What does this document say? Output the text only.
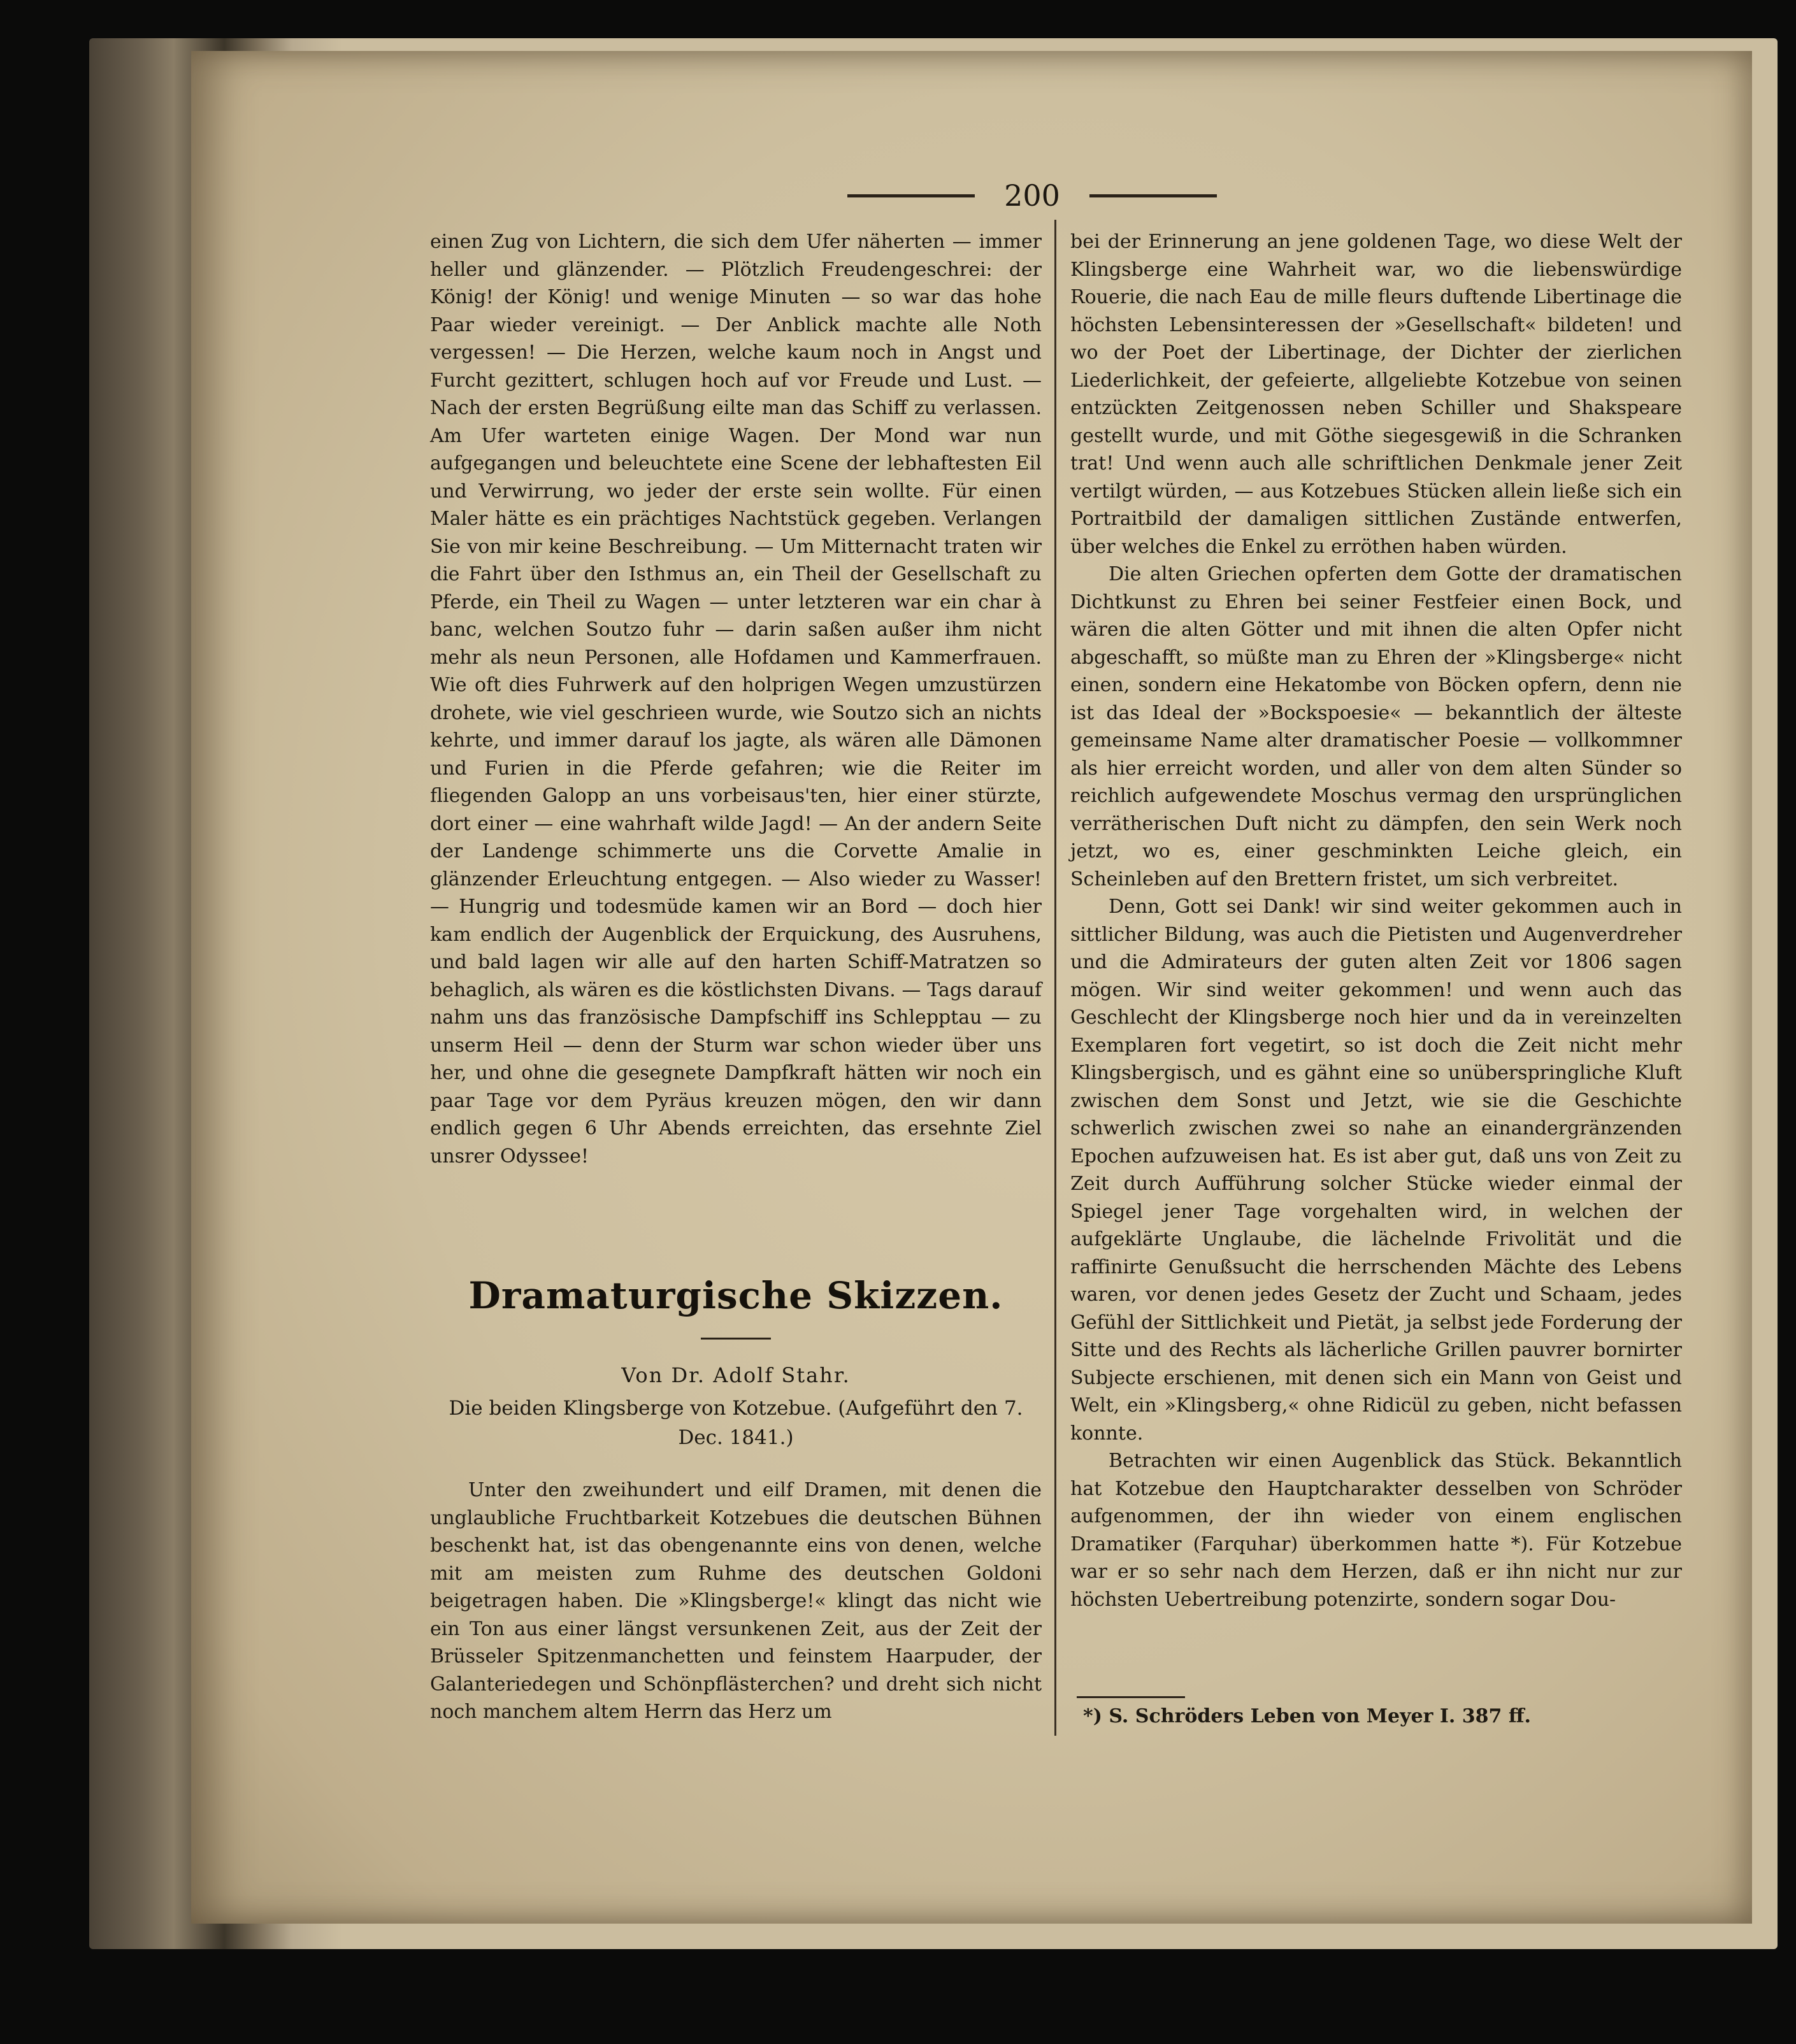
200

einen Zug von Lichtern, die sich dem Ufer näherten — immer heller und glänzender. — Plötzlich Freudengeschrei: der König! der König! und wenige Minuten — so war das hohe Paar wieder vereinigt. — Der Anblick machte alle Noth vergessen! — Die Herzen, welche kaum noch in Angst und Furcht gezittert, schlugen hoch auf vor Freude und Lust. — Nach der ersten Begrüßung eilte man das Schiff zu verlassen. Am Ufer warteten einige Wagen. Der Mond war nun aufgegangen und beleuchtete eine Scene der lebhaftesten Eil und Verwirrung, wo jeder der erste sein wollte. Für einen Maler hätte es ein prächtiges Nachtstück gegeben. Verlangen Sie von mir keine Beschreibung. — Um Mitternacht traten wir die Fahrt über den Isthmus an, ein Theil der Gesellschaft zu Pferde, ein Theil zu Wagen — unter letzteren war ein char à banc, welchen Soutzo fuhr — darin saßen außer ihm nicht mehr als neun Personen, alle Hofdamen und Kammerfrauen. Wie oft dies Fuhrwerk auf den holprigen Wegen umzustürzen drohete, wie viel geschrieen wurde, wie Soutzo sich an nichts kehrte, und immer darauf los jagte, als wären alle Dämonen und Furien in die Pferde gefahren; wie die Reiter im fliegenden Galopp an uns vorbeisaus'ten, hier einer stürzte, dort einer — eine wahrhaft wilde Jagd! — An der andern Seite der Landenge schimmerte uns die Corvette Amalie in glänzender Erleuchtung entgegen. — Also wieder zu Wasser! — Hungrig und todesmüde kamen wir an Bord — doch hier kam endlich der Augenblick der Erquickung, des Ausruhens, und bald lagen wir alle auf den harten Schiff-Matratzen so behaglich, als wären es die köstlichsten Divans. — Tags darauf nahm uns das französische Dampfschiff ins Schlepptau — zu unserm Heil — denn der Sturm war schon wieder über uns her, und ohne die gesegnete Dampfkraft hätten wir noch ein paar Tage vor dem Pyräus kreuzen mögen, den wir dann endlich gegen 6 Uhr Abends erreichten, das ersehnte Ziel unsrer Odyssee!

Dramaturgische Skizzen.
Von Dr. Adolf Stahr.
Die beiden Klingsberge von Kotzebue. (Aufgeführt den 7. Dec. 1841.)

Unter den zweihundert und eilf Dramen, mit denen die unglaubliche Fruchtbarkeit Kotzebues die deutschen Bühnen beschenkt hat, ist das obengenannte eins von denen, welche mit am meisten zum Ruhme des deutschen Goldoni beigetragen haben. Die »Klingsberge!« klingt das nicht wie ein Ton aus einer längst versunkenen Zeit, aus der Zeit der Brüsseler Spitzenmanchetten und feinstem Haarpuder, der Galanteriedegen und Schönpflästerchen? und dreht sich nicht noch manchem altem Herrn das Herz um

bei der Erinnerung an jene goldenen Tage, wo diese Welt der Klingsberge eine Wahrheit war, wo die liebenswürdige Rouerie, die nach Eau de mille fleurs duftende Libertinage die höchsten Lebensinteressen der »Gesellschaft« bildeten! und wo der Poet der Libertinage, der Dichter der zierlichen Liederlichkeit, der gefeierte, allgeliebte Kotzebue von seinen entzückten Zeitgenossen neben Schiller und Shakspeare gestellt wurde, und mit Göthe siegesgewiß in die Schranken trat! Und wenn auch alle schriftlichen Denkmale jener Zeit vertilgt würden, — aus Kotzebues Stücken allein ließe sich ein Portraitbild der damaligen sittlichen Zustände entwerfen, über welches die Enkel zu erröthen haben würden.

Die alten Griechen opferten dem Gotte der dramatischen Dichtkunst zu Ehren bei seiner Festfeier einen Bock, und wären die alten Götter und mit ihnen die alten Opfer nicht abgeschafft, so müßte man zu Ehren der »Klingsberge« nicht einen, sondern eine Hekatombe von Böcken opfern, denn nie ist das Ideal der »Bockspoesie« — bekanntlich der älteste gemeinsame Name alter dramatischer Poesie — vollkommner als hier erreicht worden, und aller von dem alten Sünder so reichlich aufgewendete Moschus vermag den ursprünglichen verrätherischen Duft nicht zu dämpfen, den sein Werk noch jetzt, wo es, einer geschminkten Leiche gleich, ein Scheinleben auf den Brettern fristet, um sich verbreitet.

Denn, Gott sei Dank! wir sind weiter gekommen auch in sittlicher Bildung, was auch die Pietisten und Augenverdreher und die Admirateurs der guten alten Zeit vor 1806 sagen mögen. Wir sind weiter gekommen! und wenn auch das Geschlecht der Klingsberge noch hier und da in vereinzelten Exemplaren fort vegetirt, so ist doch die Zeit nicht mehr Klingsbergisch, und es gähnt eine so unüberspringliche Kluft zwischen dem Sonst und Jetzt, wie sie die Geschichte schwerlich zwischen zwei so nahe an einandergränzenden Epochen aufzuweisen hat. Es ist aber gut, daß uns von Zeit zu Zeit durch Aufführung solcher Stücke wieder einmal der Spiegel jener Tage vorgehalten wird, in welchen der aufgeklärte Unglaube, die lächelnde Frivolität und die raffinirte Genußsucht die herrschenden Mächte des Lebens waren, vor denen jedes Gesetz der Zucht und Schaam, jedes Gefühl der Sittlichkeit und Pietät, ja selbst jede Forderung der Sitte und des Rechts als lächerliche Grillen pauvrer bornirter Subjecte erschienen, mit denen sich ein Mann von Geist und Welt, ein »Klingsberg,« ohne Ridicül zu geben, nicht befassen konnte.

Betrachten wir einen Augenblick das Stück. Bekanntlich hat Kotzebue den Hauptcharakter desselben von Schröder aufgenommen, der ihn wieder von einem englischen Dramatiker (Farquhar) überkommen hatte *). Für Kotzebue war er so sehr nach dem Herzen, daß er ihn nicht nur zur höchsten Uebertreibung potenzirte, sondern sogar Dou-

*) S. Schröders Leben von Meyer I. 387 ff.
